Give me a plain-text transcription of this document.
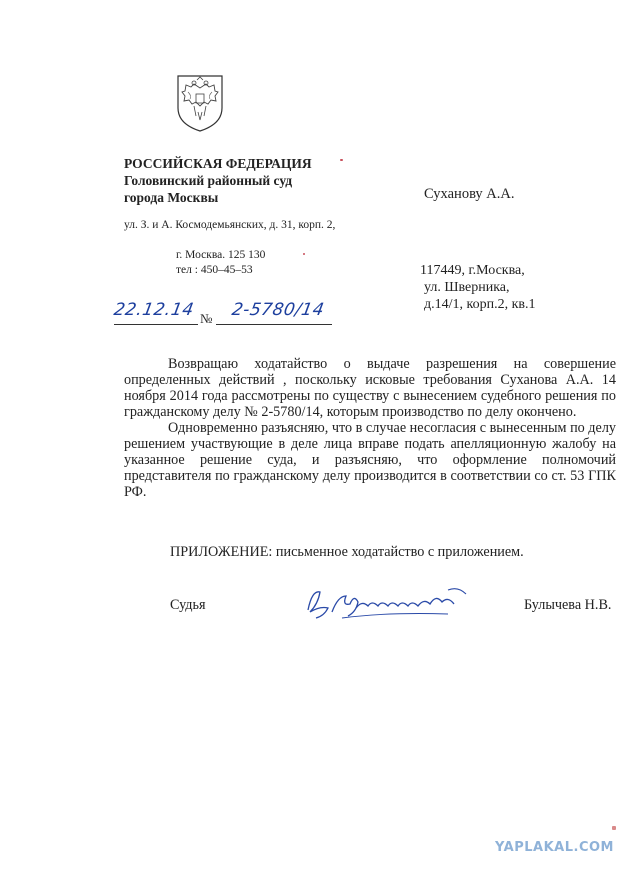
РОССИЙСКАЯ ФЕДЕРАЦИЯ
Головинский районный суд
города Москвы
ул. З. и А. Космодемьянских, д. 31, корп. 2,
г. Москва. 125 130
тел : 450–45–53
Суханову А.А.
117449, г.Москва,
ул. Шверника,
д.14/1, корп.2, кв.1
22.12.14 № 2-5780/14

Возвращаю ходатайство о выдаче разрешения на совершение определенных действий , поскольку исковые требования Суханова А.А. 14 ноября 2014 года рассмотрены по существу с вынесением судебного решения по гражданскому делу № 2-5780/14, которым производство по делу окончено.

Одновременно разъясняю, что в случае несогласия с вынесенным по делу решением участвующие в деле лица вправе подать апелляционную жалобу на указанное решение суда, и разъясняю, что оформление полномочий представителя по гражданскому делу производится в соответствии со ст. 53 ГПК РФ.

ПРИЛОЖЕНИЕ: письменное ходатайство с приложением.
Судья	Булычева Н.В.
YAPLAKAL.COM
